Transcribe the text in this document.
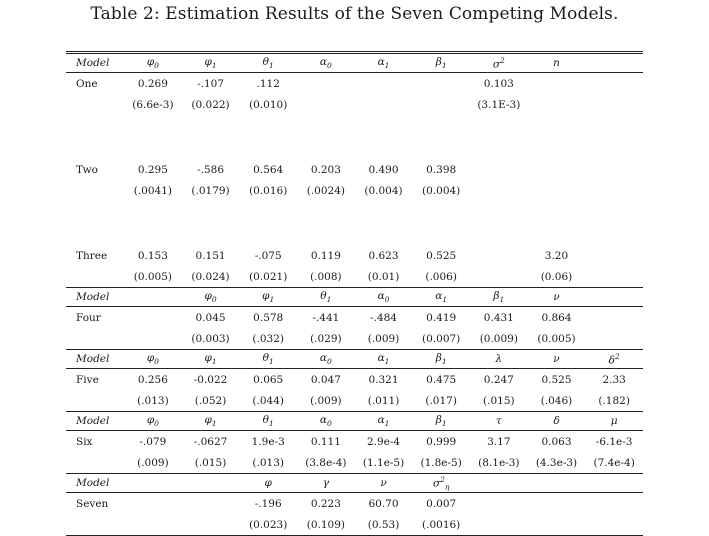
Table 2: Estimation Results of the Seven Competing Models.
Model	$\varphi_0$	$\varphi_1$	$\theta_1$	$\alpha_0$	$\alpha_1$	$\beta_1$	$\sigma^2$	n	
One	0.269	-.107	.112				0.103		
	(6.6e-3)	(0.022)	(0.010)				(3.1E-3)		

Two	0.295	-.586	0.564	0.203	0.490	0.398			
	(.0041)	(.0179)	(0.016)	(.0024)	(0.004)	(0.004)			

Three	0.153	0.151	-.075	0.119	0.623	0.525		3.20	
	(0.005)	(0.024)	(0.021)	(.008)	(0.01)	(.006)		(0.06)	
Model		$\varphi_0$	$\varphi_1$	$\theta_1$	$\alpha_0$	$\alpha_1$	$\beta_1$	ν	
Four		0.045	0.578	-.441	-.484	0.419	0.431	0.864	
		(0.003)	(.032)	(.029)	(.009)	(0.007)	(0.009)	(0.005)	
Model	$\varphi_0$	$\varphi_1$	$\theta_1$	$\alpha_0$	$\alpha_1$	$\beta_1$	λ	ν	$\delta^2$
Five	0.256	-0.022	0.065	0.047	0.321	0.475	0.247	0.525	2.33
	(.013)	(.052)	(.044)	(.009)	(.011)	(.017)	(.015)	(.046)	(.182)
Model	$\varphi_0$	$\varphi_1$	$\theta_1$	$\alpha_0$	$\alpha_1$	$\beta_1$	τ	δ	μ
Six	-.079	-.0627	1.9e-3	0.111	2.9e-4	0.999	3.17	0.063	-6.1e-3
	(.009)	(.015)	(.013)	(3.8e-4)	(1.1e-5)	(1.8e-5)	(8.1e-3)	(4.3e-3)	(7.4e-4)
Model			φ	γ	ν	$\sigma^2_\eta$			
Seven			-.196	0.223	60.70	0.007			
			(0.023)	(0.109)	(0.53)	(.0016)			
